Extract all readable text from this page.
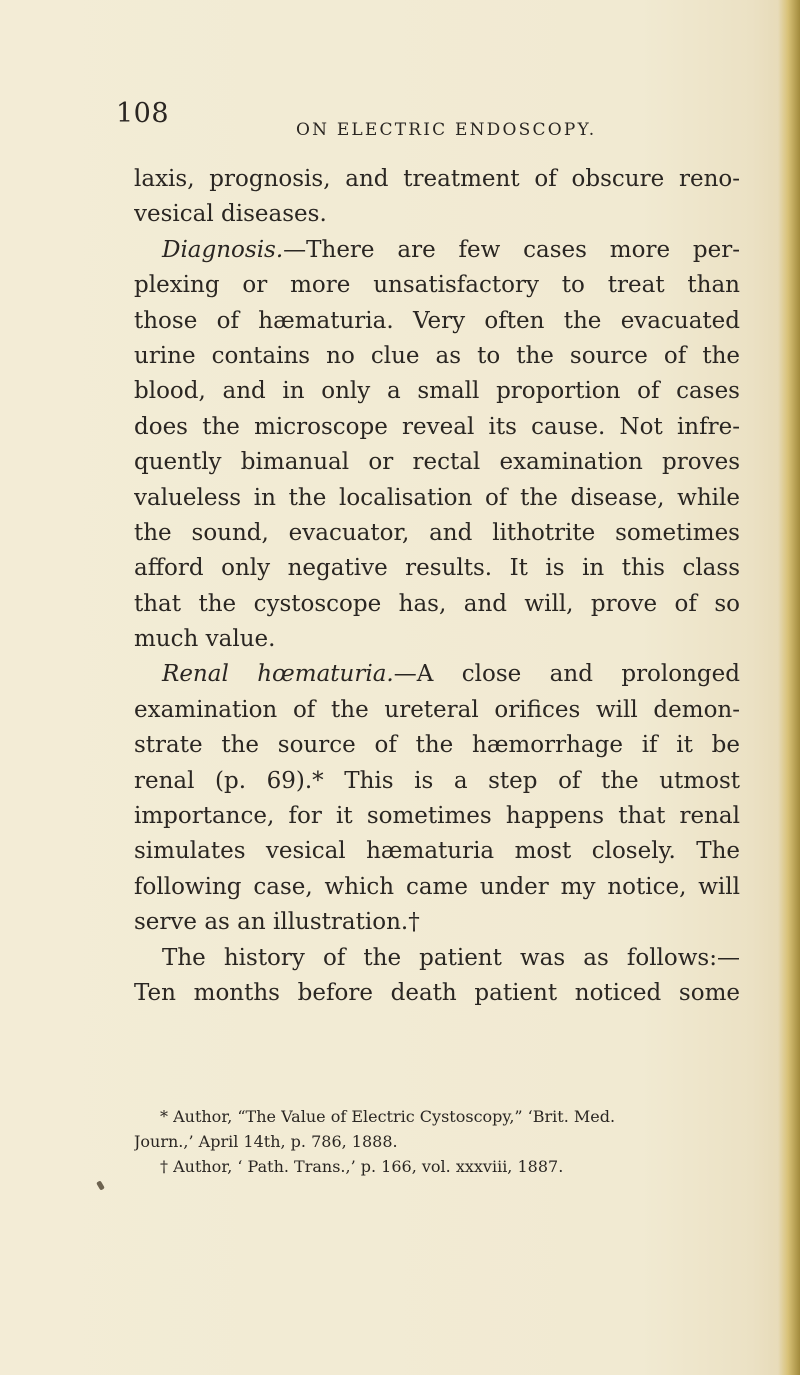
108
ON ELECTRIC ENDOSCOPY.
laxis, prognosis, and treatment of obscure reno-
vesical diseases.
Diagnosis.—There are few cases more per-
plexing or more unsatisfactory to treat than
those of hæmaturia. Very often the evacuated
urine contains no clue as to the source of the
blood, and in only a small proportion of cases
does the microscope reveal its cause. Not infre-
quently bimanual or rectal examination proves
valueless in the localisation of the disease, while
the sound, evacuator, and lithotrite sometimes
afford only negative results. It is in this class
that the cystoscope has, and will, prove of so
much value.
Renal hœmaturia.—A close and prolonged
examination of the ureteral orifices will demon-
strate the source of the hæmorrhage if it be
renal (p. 69).* This is a step of the utmost
importance, for it sometimes happens that renal
simulates vesical hæmaturia most closely. The
following case, which came under my notice, will
serve as an illustration.†
The history of the patient was as follows:—
Ten months before death patient noticed some
* Author, “The Value of Electric Cystoscopy,” ‘Brit. Med.
Journ.,’ April 14th, p. 786, 1888.
† Author, ‘ Path. Trans.,’ p. 166, vol. xxxviii, 1887.
